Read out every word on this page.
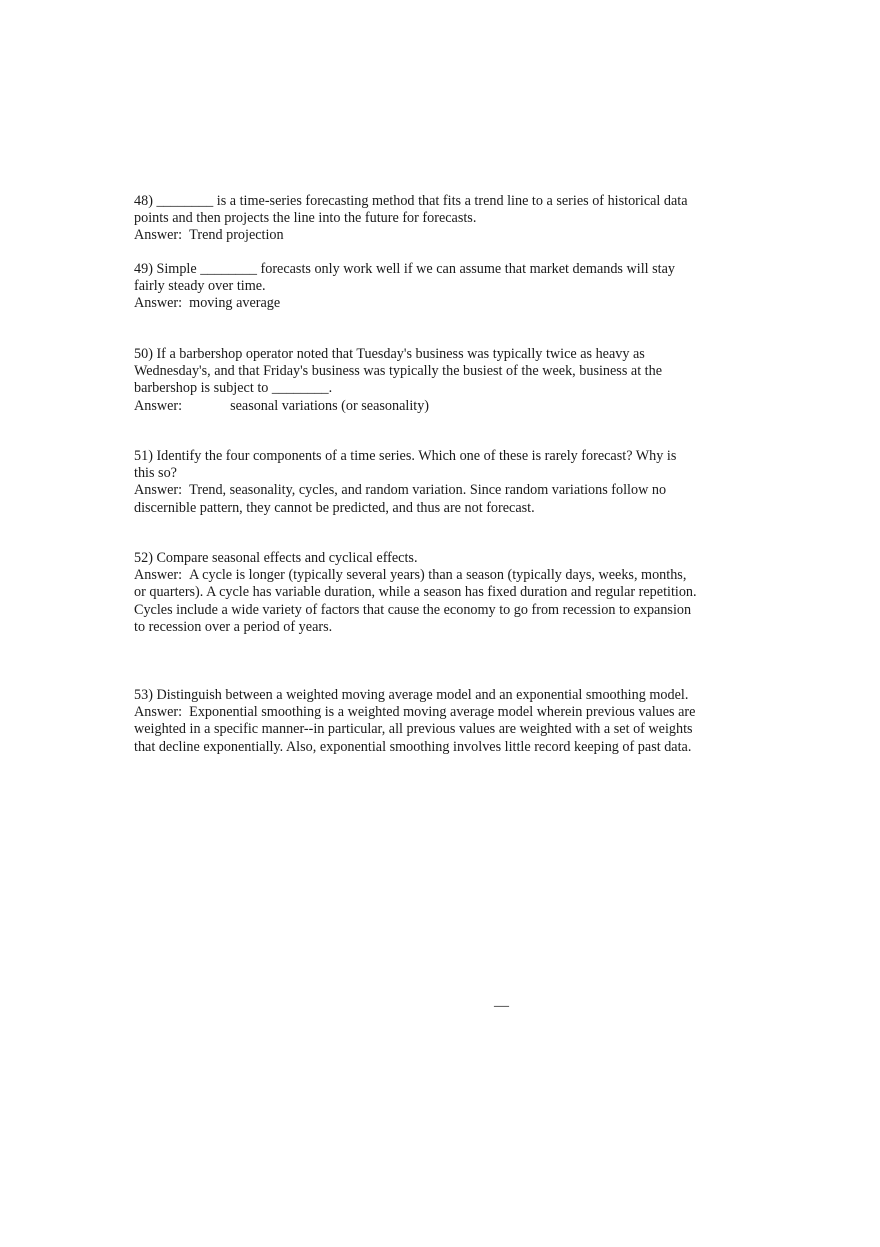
48) ________ is a time-series forecasting method that fits a trend line to a series of historical data points and then projects the line into the future for forecasts.

Answer: Trend projection

49) Simple ________ forecasts only work well if we can assume that market demands will stay fairly steady over time.

Answer: moving average

50) If a barbershop operator noted that Tuesday's business was typically twice as heavy as Wednesday's, and that Friday's business was typically the busiest of the week, business at the barbershop is subject to ________.

Answer:	seasonal variations (or seasonality)

51) Identify the four components of a time series. Which one of these is rarely forecast? Why is this so?

Answer: Trend, seasonality, cycles, and random variation. Since random variations follow no discernible pattern, they cannot be predicted, and thus are not forecast.

52) Compare seasonal effects and cyclical effects.

Answer: A cycle is longer (typically several years) than a season (typically days, weeks, months, or quarters). A cycle has variable duration, while a season has fixed duration and regular repetition. Cycles include a wide variety of factors that cause the economy to go from recession to expansion to recession over a period of years.

53) Distinguish between a weighted moving average model and an exponential smoothing model.

Answer: Exponential smoothing is a weighted moving average model wherein previous values are weighted in a specific manner--in particular, all previous values are weighted with a set of weights that decline exponentially. Also, exponential smoothing involves little record keeping of past data.

—
